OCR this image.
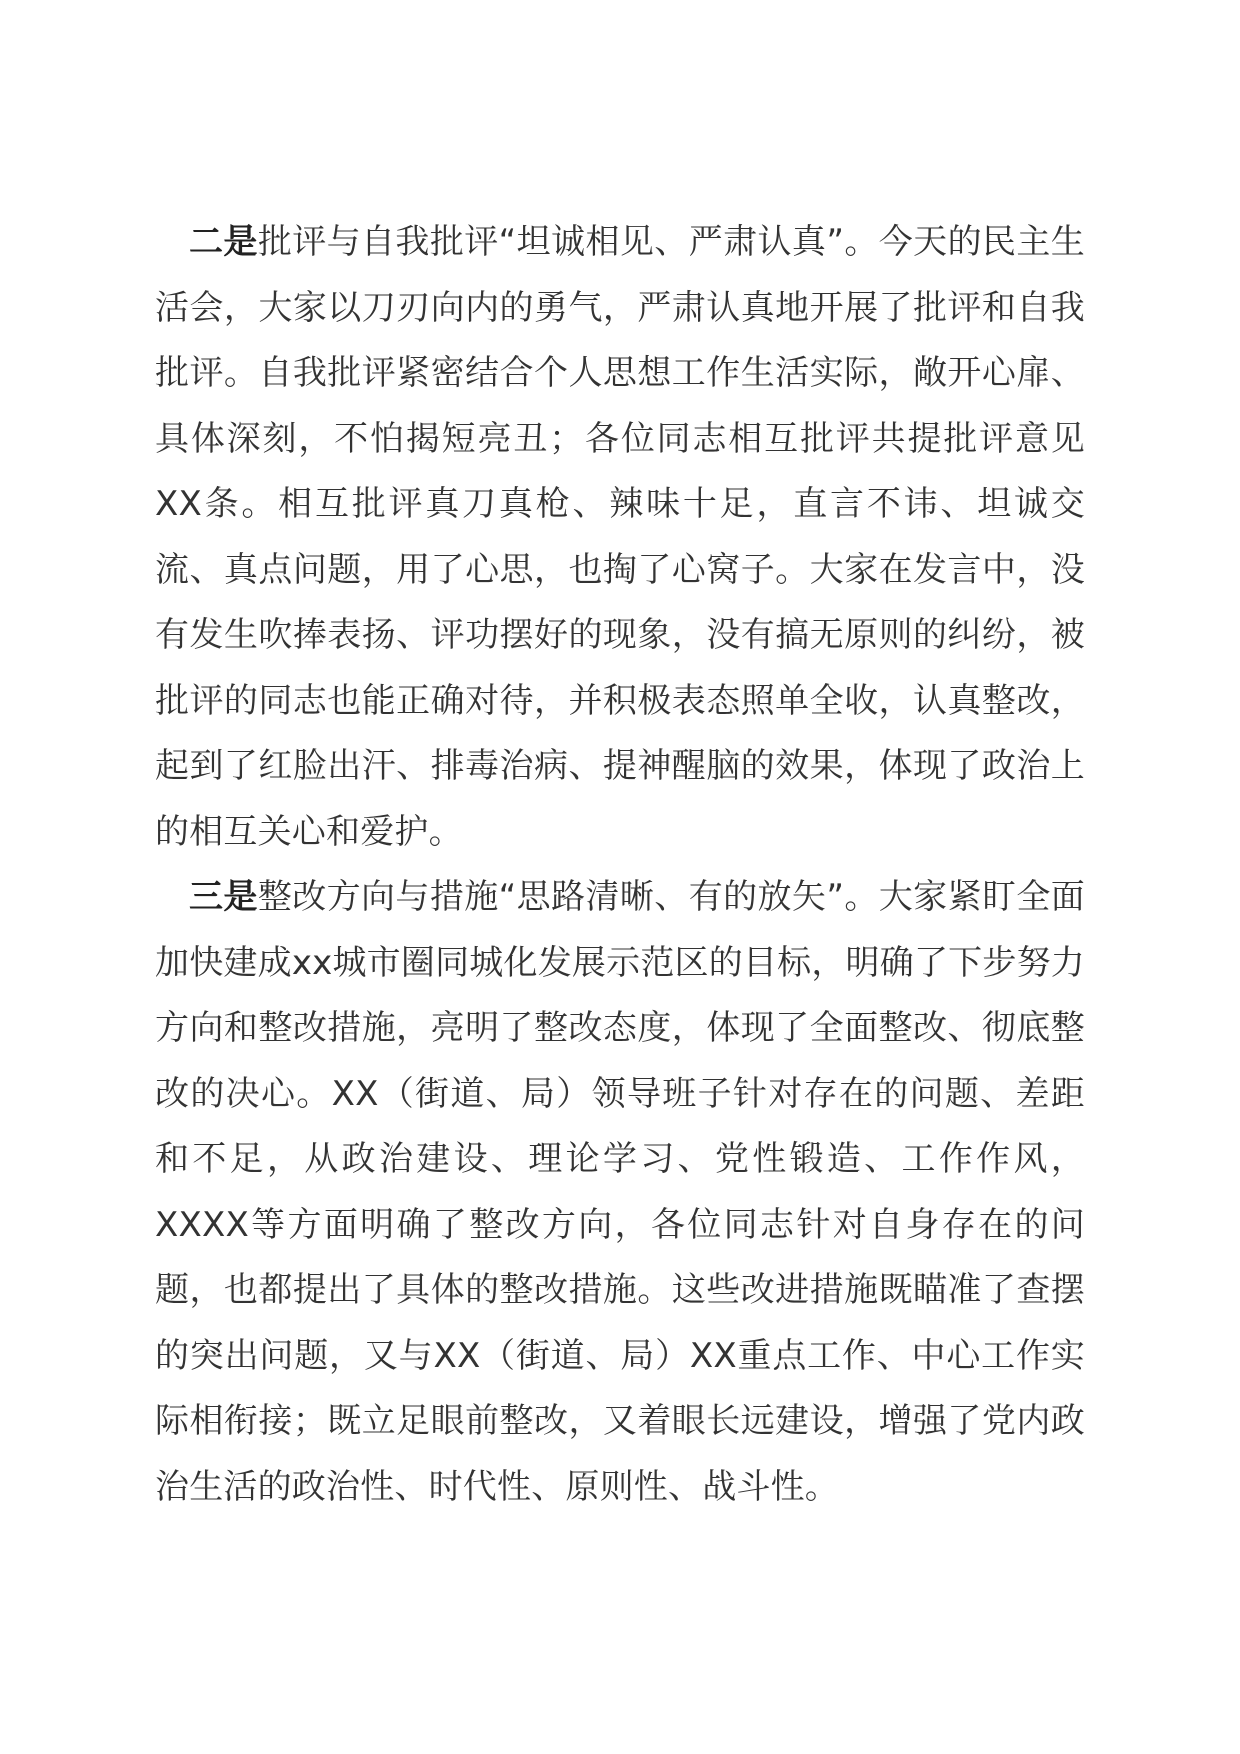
二是批评与自我批评“坦诚相见、严肃认真”。今天的民主生活会，大家以刀刃向内的勇气，严肃认真地开展了批评和自我批评。自我批评紧密结合个人思想工作生活实际，敞开心扉、具体深刻，不怕揭短亮丑；各位同志相互批评共提批评意见XX条。相互批评真刀真枪、辣味十足，直言不讳、坦诚交流、真点问题，用了心思，也掏了心窝子。大家在发言中，没有发生吹捧表扬、评功摆好的现象，没有搞无原则的纠纷，被批评的同志也能正确对待，并积极表态照单全收，认真整改，起到了红脸出汗、排毒治病、提神醒脑的效果，体现了政治上的相互关心和爱护。

三是整改方向与措施“思路清晰、有的放矢”。大家紧盯全面加快建成xx城市圈同城化发展示范区的目标，明确了下步努力方向和整改措施，亮明了整改态度，体现了全面整改、彻底整改的决心。XX（街道、局）领导班子针对存在的问题、差距和不足，从政治建设、理论学习、党性锻造、工作作风，XXXX等方面明确了整改方向，各位同志针对自身存在的问题，也都提出了具体的整改措施。这些改进措施既瞄准了查摆的突出问题，又与XX（街道、局）XX重点工作、中心工作实际相衔接；既立足眼前整改，又着眼长远建设，增强了党内政治生活的政治性、时代性、原则性、战斗性。
